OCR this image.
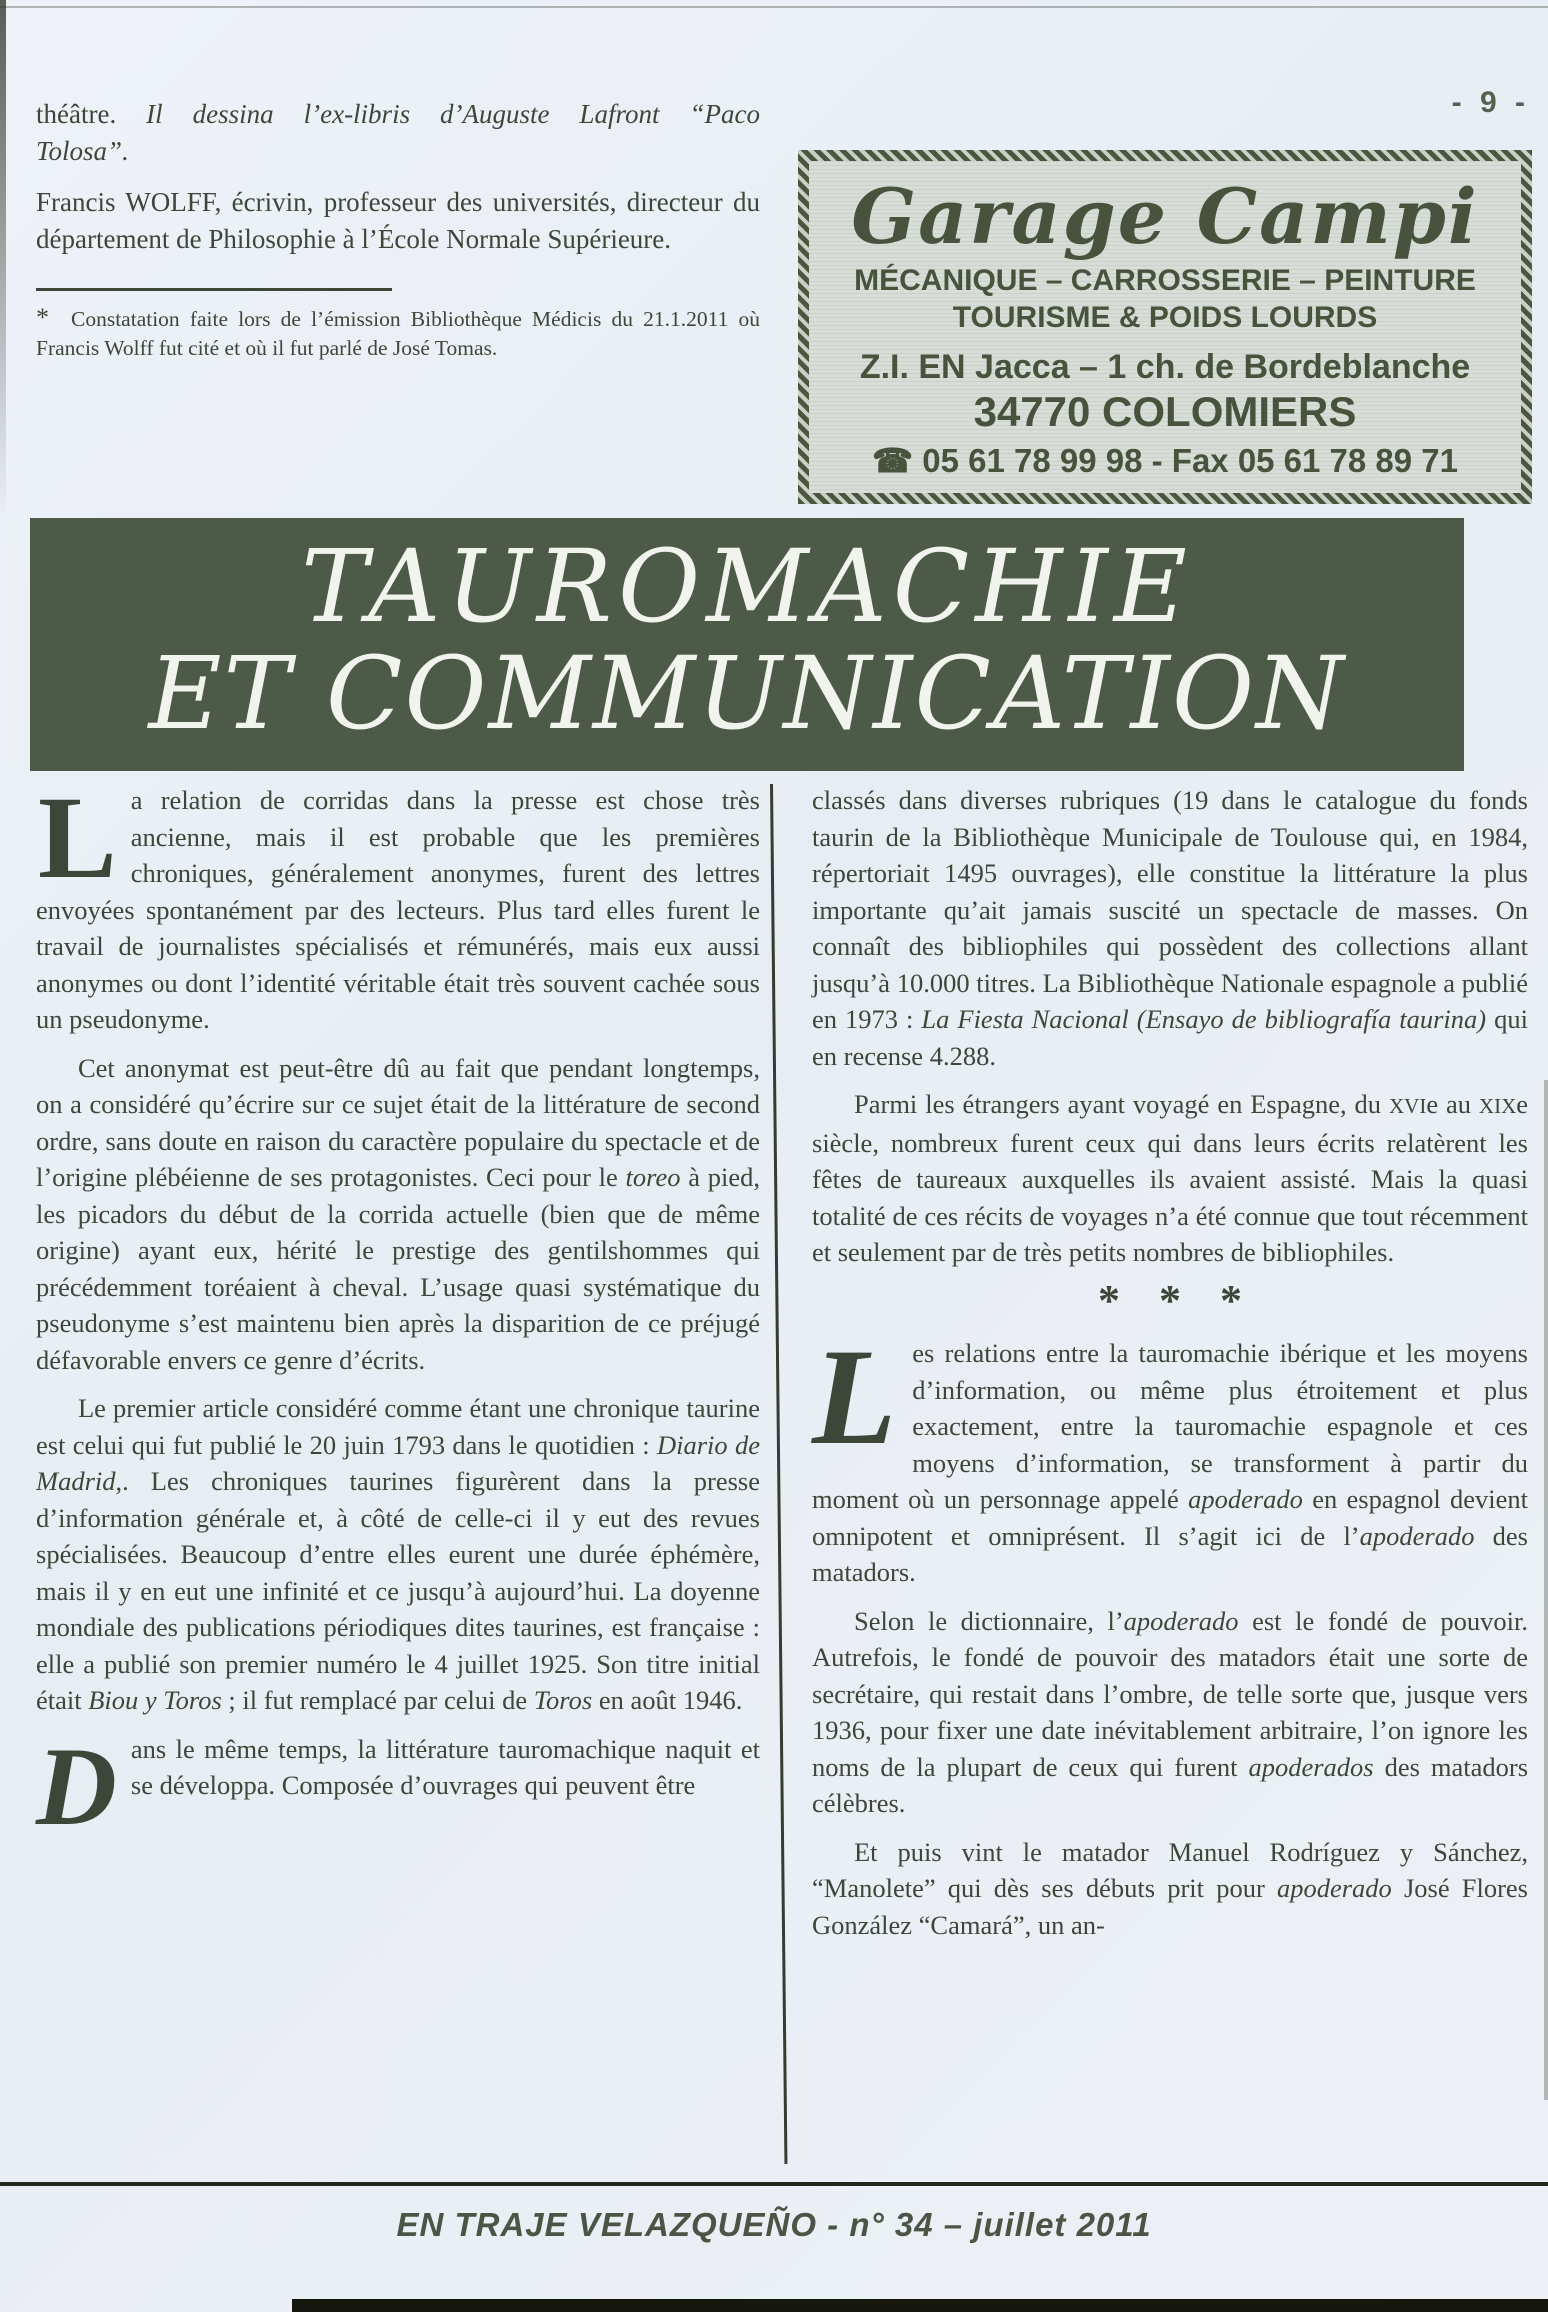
- 9 -

théâtre. Il dessina l’ex-libris d’Auguste Lafront “Paco Tolosa”.

Francis WOLFF, écrivin, professeur des universités, directeur du département de Philosophie à l’École Normale Supérieure.

* Constatation faite lors de l’émission Bibliothèque Médicis du 21.1.2011 où Francis Wolff fut cité et où il fut parlé de José Tomas.

Garage Campi
MÉCANIQUE – CARROSSERIE – PEINTURE
TOURISME & POIDS LOURDS
Z.I. EN Jacca – 1 ch. de Bordeblanche
34770 COLOMIERS
☎ 05 61 78 99 98 - Fax 05 61 78 89 71
TAUROMACHIE
ET COMMUNICATION

La relation de corridas dans la presse est chose très ancienne, mais il est probable que les premières chroniques, généralement anonymes, furent des lettres envoyées spontanément par des lecteurs. Plus tard elles furent le travail de journalistes spécialisés et rémunérés, mais eux aussi anonymes ou dont l’identité véritable était très souvent cachée sous un pseudonyme.

Cet anonymat est peut-être dû au fait que pendant longtemps, on a considéré qu’écrire sur ce sujet était de la littérature de second ordre, sans doute en raison du caractère populaire du spectacle et de l’origine plébéienne de ses protagonistes. Ceci pour le toreo à pied, les picadors du début de la corrida actuelle (bien que de même origine) ayant eux, hérité le prestige des gentilshommes qui précédemment toréaient à cheval. L’usage quasi systématique du pseudonyme s’est maintenu bien après la disparition de ce préjugé défavorable envers ce genre d’écrits.

Le premier article considéré comme étant une chronique taurine est celui qui fut publié le 20 juin 1793 dans le quotidien : Diario de Madrid,. Les chroniques taurines figurèrent dans la presse d’information générale et, à côté de celle-ci il y eut des revues spécialisées. Beaucoup d’entre elles eurent une durée éphémère, mais il y en eut une infinité et ce jusqu’à aujourd’hui. La doyenne mondiale des publications périodiques dites taurines, est française : elle a publié son premier numéro le 4 juillet 1925. Son titre initial était Biou y Toros ; il fut remplacé par celui de Toros en août 1946.

Dans le même temps, la littérature tauromachique naquit et se développa. Composée d’ouvrages qui peuvent être

classés dans diverses rubriques (19 dans le catalogue du fonds taurin de la Bibliothèque Municipale de Toulouse qui, en 1984, répertoriait 1495 ouvrages), elle constitue la littérature la plus importante qu’ait jamais suscité un spectacle de masses. On connaît des bibliophiles qui possèdent des collections allant jusqu’à 10.000 titres. La Bibliothèque Nationale espagnole a publié en 1973 : La Fiesta Nacional (Ensayo de bibliografía taurina) qui en recense 4.288.

Parmi les étrangers ayant voyagé en Espagne, du XVIe au XIXe siècle, nombreux furent ceux qui dans leurs écrits relatèrent les fêtes de taureaux auxquelles ils avaient assisté. Mais la quasi totalité de ces récits de voyages n’a été connue que tout récemment et seulement par de très petits nombres de bibliophiles.

* * *

Les relations entre la tauromachie ibérique et les moyens d’information, ou même plus étroitement et plus exactement, entre la tauromachie espagnole et ces moyens d’information, se transforment à partir du moment où un personnage appelé apoderado en espagnol devient omnipotent et omniprésent. Il s’agit ici de l’apoderado des matadors.

Selon le dictionnaire, l’apoderado est le fondé de pouvoir. Autrefois, le fondé de pouvoir des matadors était une sorte de secrétaire, qui restait dans l’ombre, de telle sorte que, jusque vers 1936, pour fixer une date inévitablement arbitraire, l’on ignore les noms de la plupart de ceux qui furent apoderados des matadors célèbres.

Et puis vint le matador Manuel Rodríguez y Sánchez, “Manolete” qui dès ses débuts prit pour apoderado José Flores González “Camará”, un an-

EN TRAJE VELAZQUEÑO - n° 34 – juillet 2011
